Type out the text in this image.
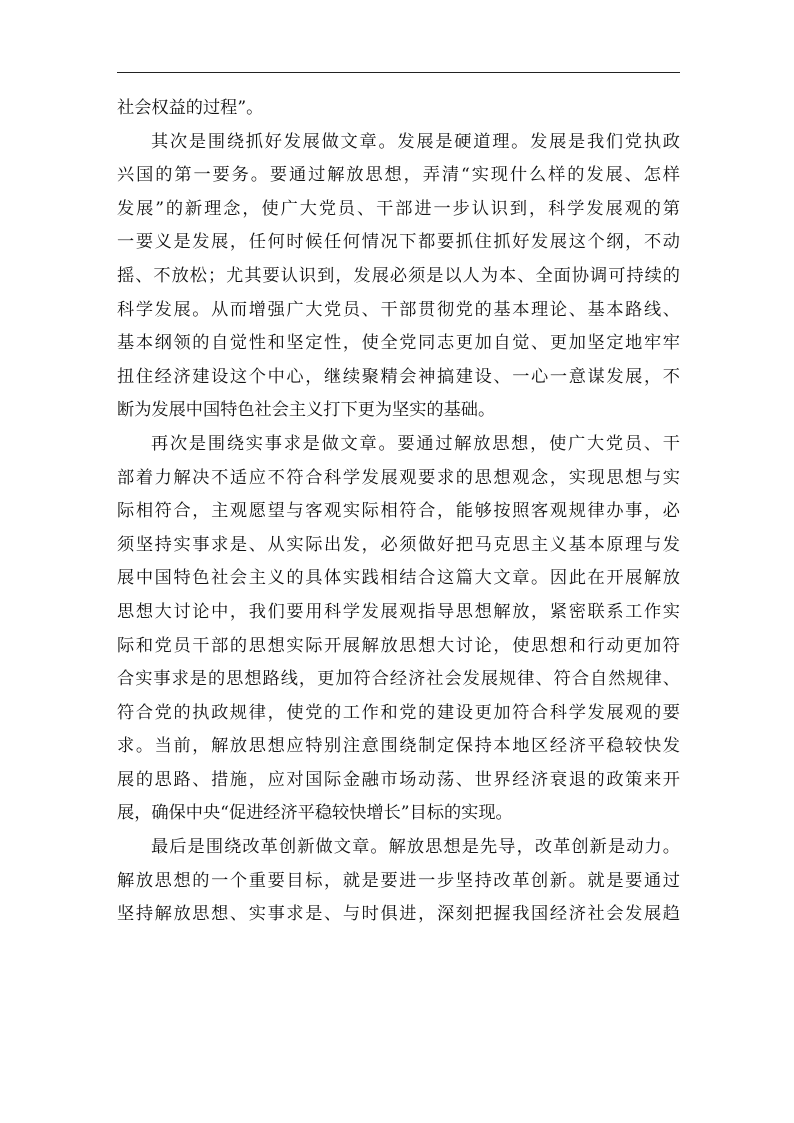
社会权益的过程”。
其次是围绕抓好发展做文章。发展是硬道理。发展是我们党执政
兴国的第一要务。要通过解放思想，弄清“实现什么样的发展、怎样
发展”的新理念，使广大党员、干部进一步认识到，科学发展观的第
一要义是发展，任何时候任何情况下都要抓住抓好发展这个纲，不动
摇、不放松；尤其要认识到，发展必须是以人为本、全面协调可持续的
科学发展。从而增强广大党员、干部贯彻党的基本理论、基本路线、
基本纲领的自觉性和坚定性，使全党同志更加自觉、更加坚定地牢牢
扭住经济建设这个中心，继续聚精会神搞建设、一心一意谋发展，不
断为发展中国特色社会主义打下更为坚实的基础。
再次是围绕实事求是做文章。要通过解放思想，使广大党员、干
部着力解决不适应不符合科学发展观要求的思想观念，实现思想与实
际相符合，主观愿望与客观实际相符合，能够按照客观规律办事，必
须坚持实事求是、从实际出发，必须做好把马克思主义基本原理与发
展中国特色社会主义的具体实践相结合这篇大文章。因此在开展解放
思想大讨论中，我们要用科学发展观指导思想解放，紧密联系工作实
际和党员干部的思想实际开展解放思想大讨论，使思想和行动更加符
合实事求是的思想路线，更加符合经济社会发展规律、符合自然规律、
符合党的执政规律，使党的工作和党的建设更加符合科学发展观的要
求。当前，解放思想应特别注意围绕制定保持本地区经济平稳较快发
展的思路、措施，应对国际金融市场动荡、世界经济衰退的政策来开
展，确保中央“促进经济平稳较快增长”目标的实现。
最后是围绕改革创新做文章。解放思想是先导，改革创新是动力。
解放思想的一个重要目标，就是要进一步坚持改革创新。就是要通过
坚持解放思想、实事求是、与时俱进，深刻把握我国经济社会发展趋
